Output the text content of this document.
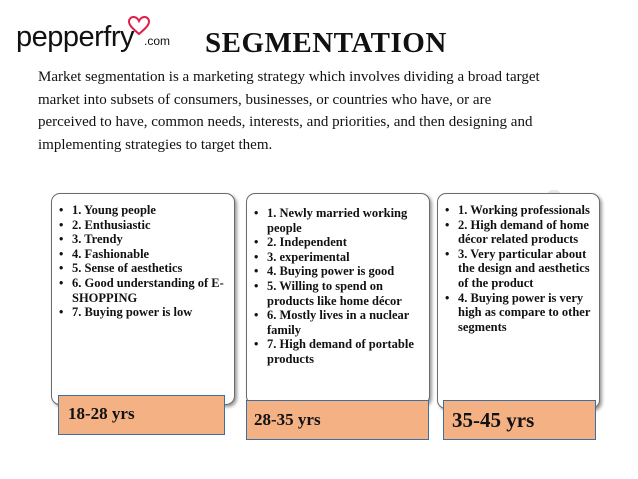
pepperfry .com SEGMENTATION

Market segmentation is a marketing strategy which involves dividing a broad target

market into subsets of consumers, businesses, or countries who have, or are

perceived to have, common needs, interests, and priorities, and then designing and

implementing strategies to target them.

• 1. Young people
• 2. Enthusiastic
• 3. Trendy
• 4. Fashionable
• 5. Sense of aesthetics
• 6. Good understanding of E-SHOPPING
• 7. Buying power is low
• 1. Newly married working people
• 2. Independent
• 3. experimental
• 4. Buying power is good
• 5. Willing to spend on products like home décor
• 6. Mostly lives in a nuclear family
• 7. High demand of portable products
• 1. Working professionals
• 2. High demand of home décor related products
• 3. Very particular about the design and aesthetics of the product
• 4. Buying power is very high as compare to other segments
18-28 yrs	28-35 yrs	35-45 yrs
